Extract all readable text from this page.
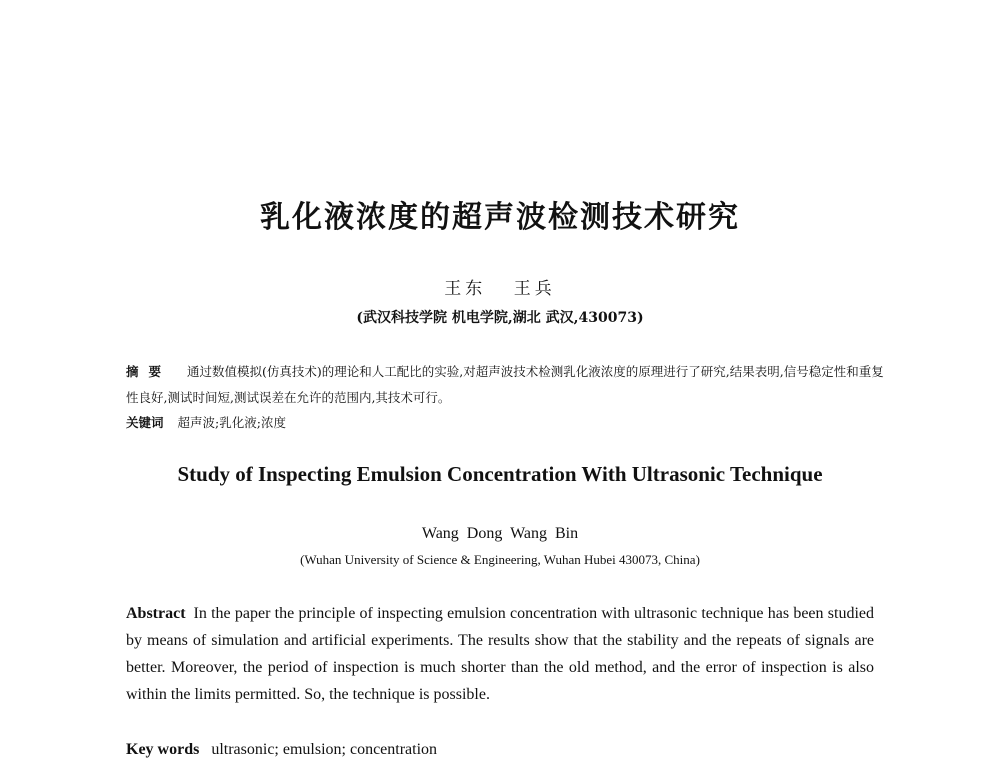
乳化液浓度的超声波检测技术研究
王东 王兵
(武汉科技学院 机电学院,湖北 武汉,430073)
摘要 通过数值模拟(仿真技术)的理论和人工配比的实验,对超声波技术检测乳化液浓度的原理进行了研究,结果表明,信号稳定性和重复性良好,测试时间短,测试误差在允许的范围内,其技术可行。
关键词 超声波;乳化液;浓度
Study of Inspecting Emulsion Concentration With Ultrasonic Technique
Wang Dong Wang Bin
(Wuhan University of Science & Engineering, Wuhan Hubei 430073, China)
Abstract In the paper the principle of inspecting emulsion concentration with ultrasonic technique has been studied by means of simulation and artificial experiments. The results show that the stability and the repeats of signals are better. Moreover, the period of inspection is much shorter than the old method, and the error of inspection is also within the limits permitted. So, the technique is possible.
Key words ultrasonic; emulsion; concentration
